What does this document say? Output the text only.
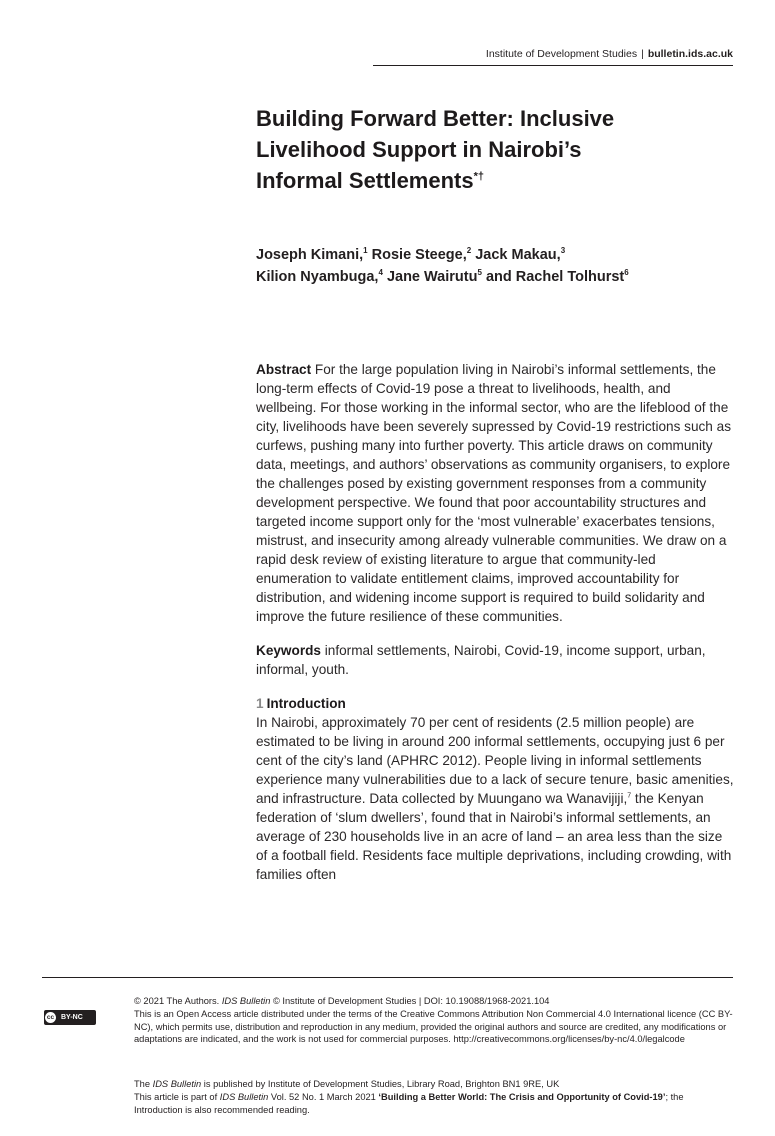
Institute of Development Studies | bulletin.ids.ac.uk
Building Forward Better: Inclusive
Livelihood Support in Nairobi’s
Informal Settlements*†

Joseph Kimani,$^1$ Rosie Steege,$^2$ Jack Makau,$^3$
Kilion Nyambuga,$^4$ Jane Wairutu$^5$ and Rachel Tolhurst$^6$

Abstract For the large population living in Nairobi’s informal settlements, the long-term effects of Covid-19 pose a threat to livelihoods, health, and wellbeing. For those working in the informal sector, who are the lifeblood of the city, livelihoods have been severely supressed by Covid-19 restrictions such as curfews, pushing many into further poverty. This article draws on community data, meetings, and authors’ observations as community organisers, to explore the challenges posed by existing government responses from a community development perspective. We found that poor accountability structures and targeted income support only for the ‘most vulnerable’ exacerbates tensions, mistrust, and insecurity among already vulnerable communities. We draw on a rapid desk review of existing literature to argue that community-led enumeration to validate entitlement claims, improved accountability for distribution, and widening income support is required to build solidarity and improve the future resilience of these communities.

Keywords informal settlements, Nairobi, Covid-19, income support, urban, informal, youth.

1 Introduction

In Nairobi, approximately 70 per cent of residents (2.5 million people) are estimated to be living in around 200 informal settlements, occupying just 6 per cent of the city’s land (APHRC 2012). People living in informal settlements experience many vulnerabilities due to a lack of secure tenure, basic amenities, and infrastructure. Data collected by Muungano wa Wanavijiji,$^7$ the Kenyan federation of ‘slum dwellers’, found that in Nairobi’s informal settlements, an average of 230 households live in an acre of land – an area less than the size of a football field. Residents face multiple deprivations, including crowding, with families often

cc BY-NC

© 2021 The Authors. IDS Bulletin © Institute of Development Studies | DOI: 10.19088/1968-2021.104

This is an Open Access article distributed under the terms of the Creative Commons Attribution Non Commercial 4.0 International licence (CC BY-NC), which permits use, distribution and reproduction in any medium, provided the original authors and source are credited, any modifications or adaptations are indicated, and the work is not used for commercial purposes. http://creativecommons.org/licenses/by-nc/4.0/legalcode

The IDS Bulletin is published by Institute of Development Studies, Library Road, Brighton BN1 9RE, UK

This article is part of IDS Bulletin Vol. 52 No. 1 March 2021 ‘Building a Better World: The Crisis and Opportunity of Covid-19’; the Introduction is also recommended reading.
